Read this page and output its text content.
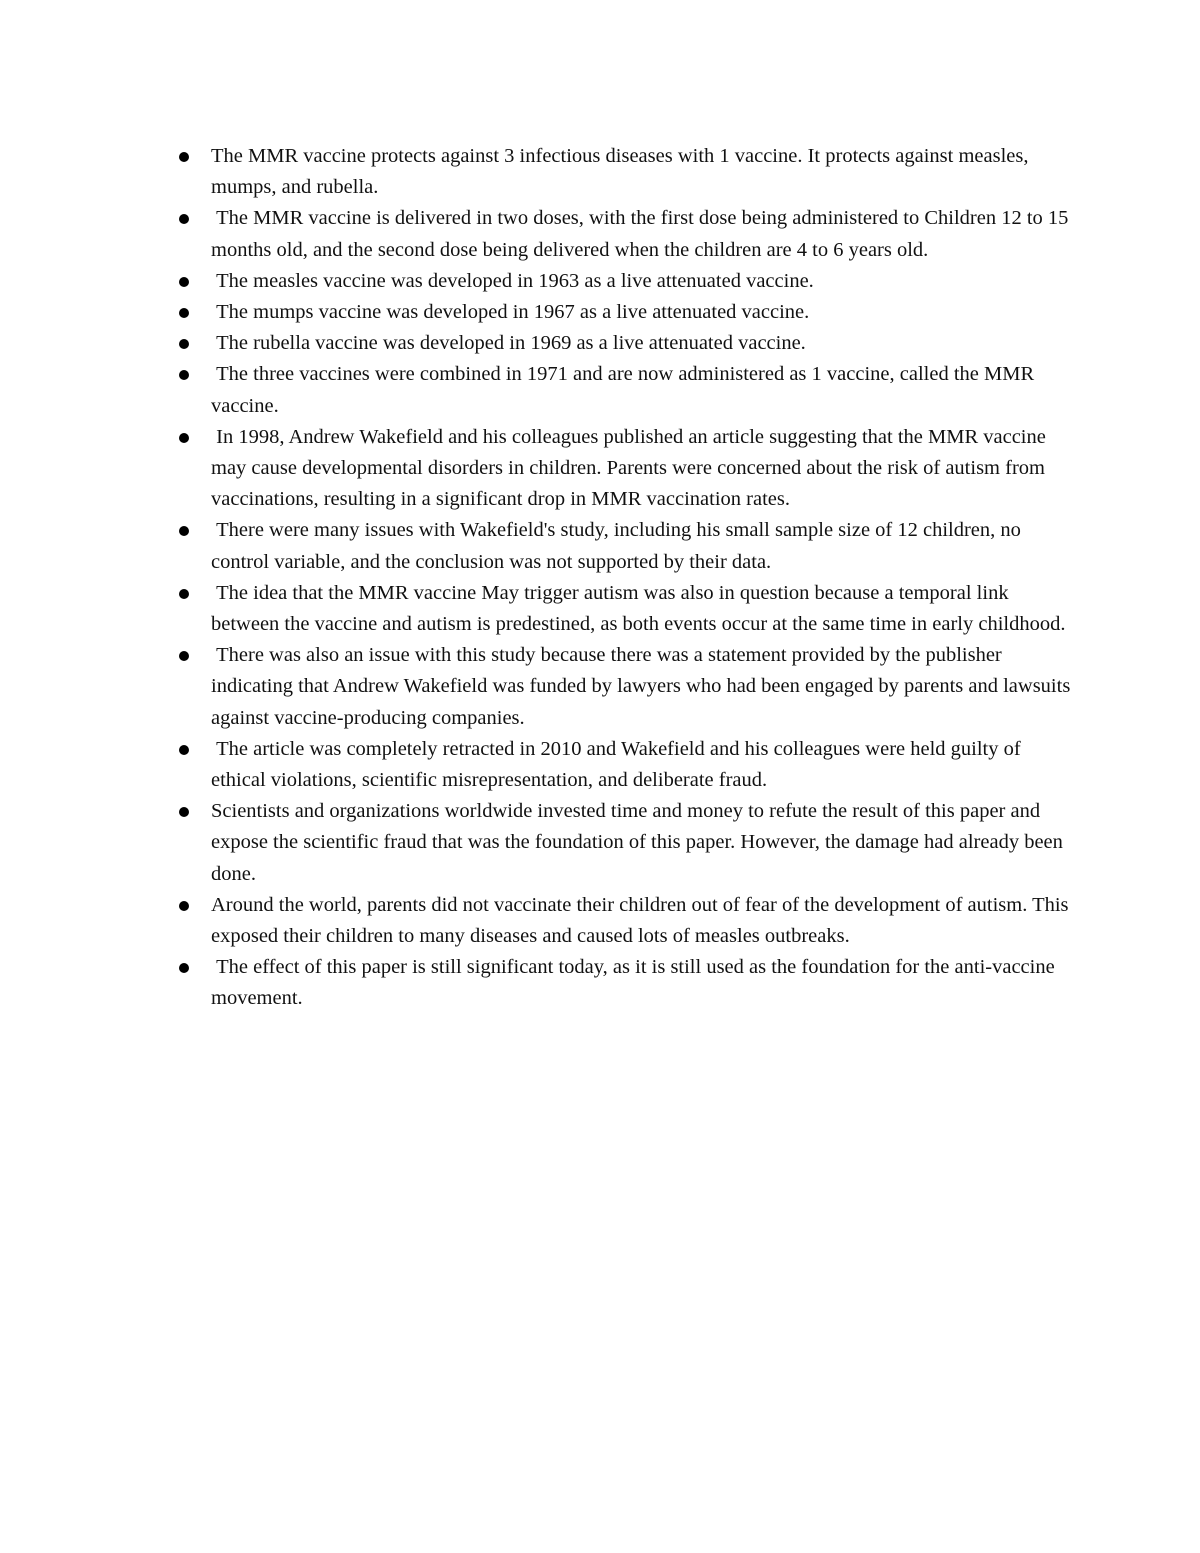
The MMR vaccine protects against 3 infectious diseases with 1 vaccine. It protects against measles, mumps, and rubella.
The MMR vaccine is delivered in two doses, with the first dose being administered to Children 12 to 15 months old, and the second dose being delivered when the children are 4 to 6 years old.
The measles vaccine was developed in 1963 as a live attenuated vaccine.
The mumps vaccine was developed in 1967 as a live attenuated vaccine.
The rubella vaccine was developed in 1969 as a live attenuated vaccine.
The three vaccines were combined in 1971 and are now administered as 1 vaccine, called the MMR vaccine.
In 1998, Andrew Wakefield and his colleagues published an article suggesting that the MMR vaccine may cause developmental disorders in children. Parents were concerned about the risk of autism from vaccinations, resulting in a significant drop in MMR vaccination rates.
There were many issues with Wakefield's study, including his small sample size of 12 children, no control variable, and the conclusion was not supported by their data.
The idea that the MMR vaccine May trigger autism was also in question because a temporal link between the vaccine and autism is predestined, as both events occur at the same time in early childhood.
There was also an issue with this study because there was a statement provided by the publisher indicating that Andrew Wakefield was funded by lawyers who had been engaged by parents and lawsuits against vaccine-producing companies.
The article was completely retracted in 2010 and Wakefield and his colleagues were held guilty of ethical violations, scientific misrepresentation, and deliberate fraud.
Scientists and organizations worldwide invested time and money to refute the result of this paper and expose the scientific fraud that was the foundation of this paper. However, the damage had already been done.
Around the world, parents did not vaccinate their children out of fear of the development of autism. This exposed their children to many diseases and caused lots of measles outbreaks.
The effect of this paper is still significant today, as it is still used as the foundation for the anti-vaccine movement.
